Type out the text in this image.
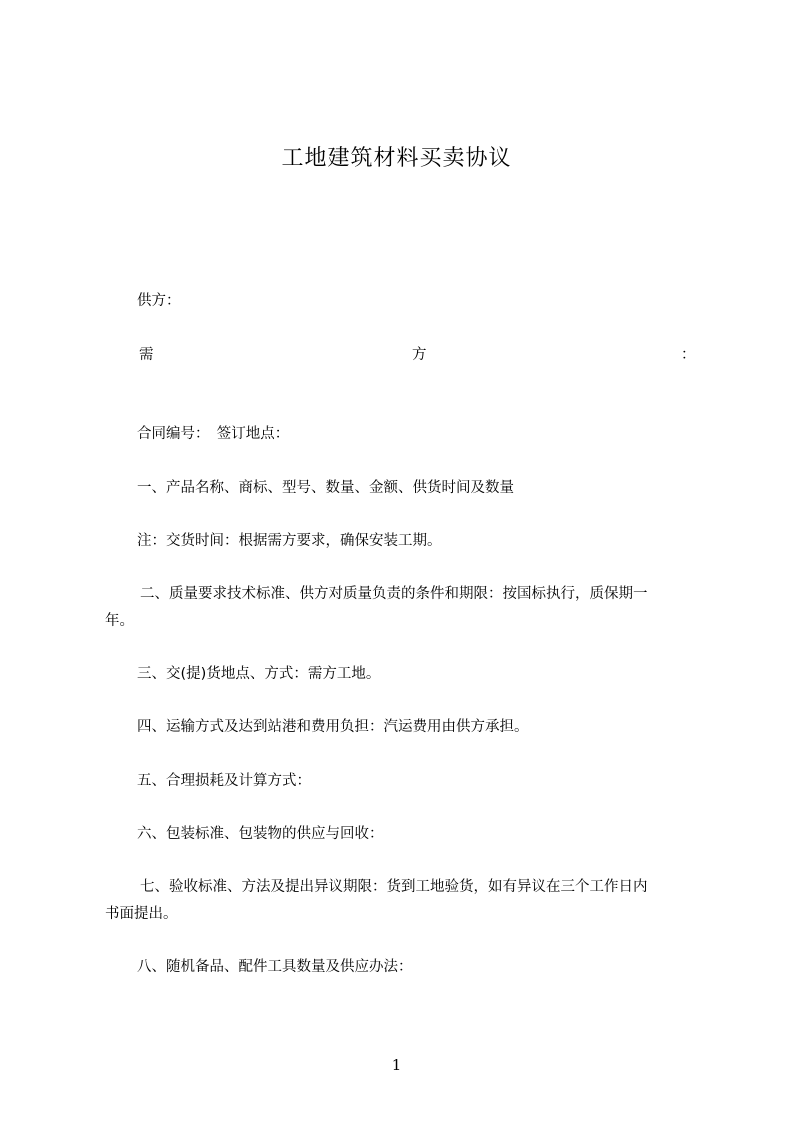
工地建筑材料买卖协议
供方：
需	方	：
合同编号：　签订地点：
一、产品名称、商标、型号、数量、金额、供货时间及数量
注：交货时间：根据需方要求，确保安装工期。
二、质量要求技术标准、供方对质量负责的条件和期限：按国标执行，质保期一
年。
三、交(提)货地点、方式：需方工地。
四、运输方式及达到站港和费用负担：汽运费用由供方承担。
五、合理损耗及计算方式：
六、包装标准、包装物的供应与回收：
七、验收标准、方法及提出异议期限：货到工地验货，如有异议在三个工作日内
书面提出。
八、随机备品、配件工具数量及供应办法：
1
